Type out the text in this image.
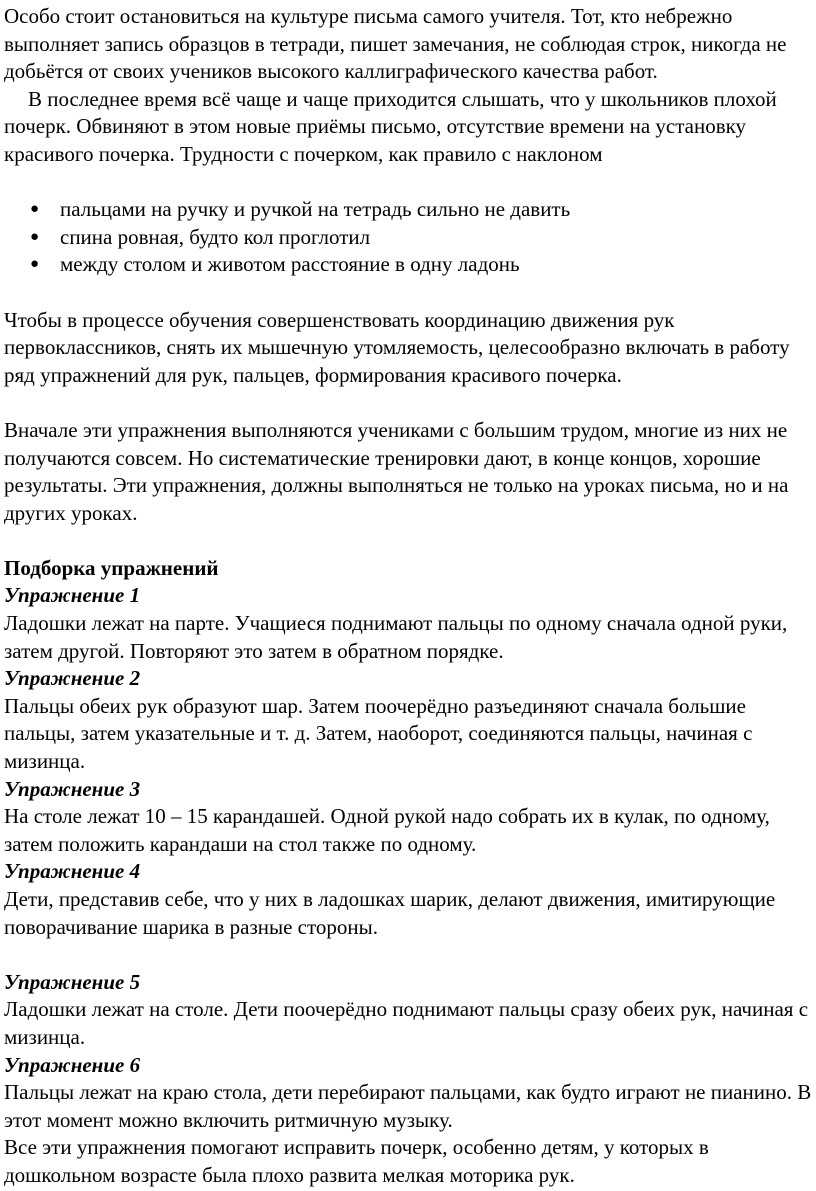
Особо стоит остановиться на культуре письма самого учителя. Тот, кто небрежно выполняет запись образцов в тетради, пишет замечания, не соблюдая строк, никогда не добьётся от своих учеников высокого каллиграфического качества работ.

В последнее время всё чаще и чаще приходится слышать, что у школьников плохой почерк. Обвиняют в этом новые приёмы письмо, отсутствие времени на установку красивого почерка. Трудности с почерком, как правило с наклоном

● пальцами на ручку и ручкой на тетрадь сильно не давить
● спина ровная, будто кол проглотил
● между столом и животом расстояние в одну ладонь

Чтобы в процессе обучения совершенствовать координацию движения рук первоклассников, снять их мышечную утомляемость, целесообразно включать в работу ряд упражнений для рук, пальцев, формирования красивого почерка.

Вначале эти упражнения выполняются учениками с большим трудом, многие из них не получаются совсем. Но систематические тренировки дают, в конце концов, хорошие результаты. Эти упражнения, должны выполняться не только на уроках письма, но и на других уроках.

Подборка упражнений

Упражнение 1

Ладошки лежат на парте. Учащиеся поднимают пальцы по одному сначала одной руки, затем другой. Повторяют это затем в обратном порядке.

Упражнение 2

Пальцы обеих рук образуют шар. Затем поочерёдно разъединяют сначала большие пальцы, затем указательные и т. д. Затем, наоборот, соединяются пальцы, начиная с мизинца.

Упражнение 3

На столе лежат 10 – 15 карандашей. Одной рукой надо собрать их в кулак, по одному, затем положить карандаши на стол также по одному.

Упражнение 4

Дети, представив себе, что у них в ладошках шарик, делают движения, имитирующие поворачивание шарика в разные стороны.

Упражнение 5

Ладошки лежат на столе. Дети поочерёдно поднимают пальцы сразу обеих рук, начиная с мизинца.

Упражнение 6

Пальцы лежат на краю стола, дети перебирают пальцами, как будто играют не пианино. В этот момент можно включить ритмичную музыку.

Все эти упражнения помогают исправить почерк, особенно детям, у которых в дошкольном возрасте была плохо развита мелкая моторика рук.
